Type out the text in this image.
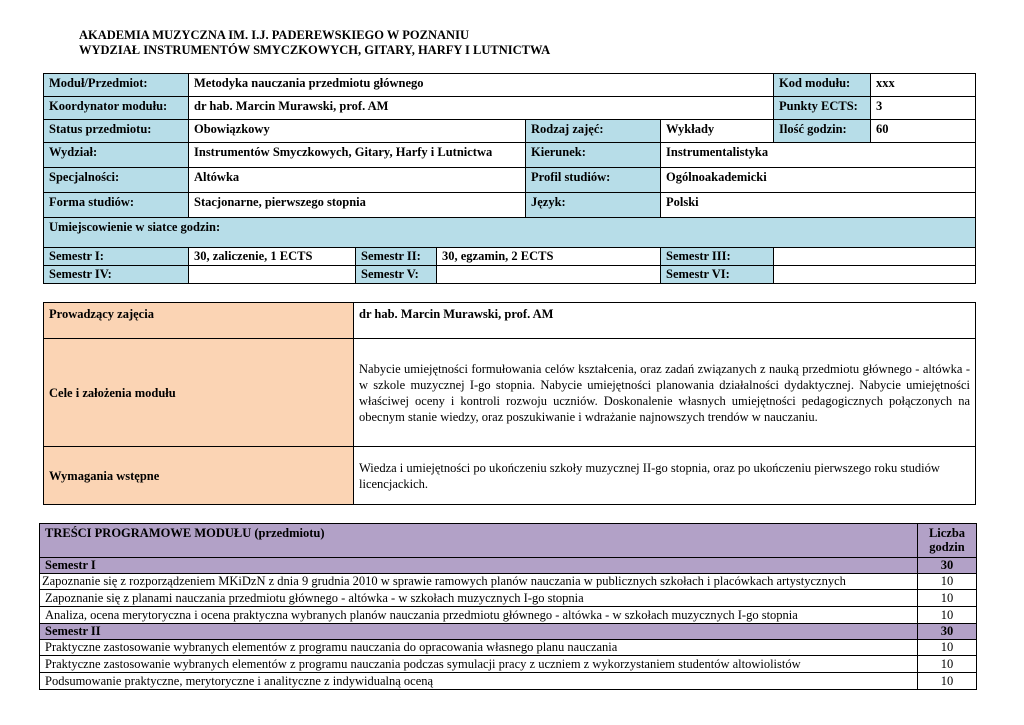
AKADEMIA MUZYCZNA IM. I.J. PADEREWSKIEGO W POZNANIU
WYDZIAŁ INSTRUMENTÓW SMYCZKOWYCH, GITARY, HARFY I LUTNICTWA
Moduł/Przedmiot:	Metodyka nauczania przedmiotu głównego					Kod modułu:	xxx
Koordynator modułu:	dr hab. Marcin Murawski, prof. AM					Punkty ECTS:	3
Status przedmiotu:	Obowiązkowy			Rodzaj zajęć:	Wykłady	Ilość godzin:	60
Wydział:	Instrumentów Smyczkowych, Gitary, Harfy i Lutnictwa			Kierunek:	Instrumentalistyka		
Specjalności:	Altówka			Profil studiów:	Ogólnoakademicki		
Forma studiów:	Stacjonarne, pierwszego stopnia			Język:	Polski		
Umiejscowienie w siatce godzin:							
Semestr I:	30, zaliczenie, 1 ECTS	Semestr II:	30, egzamin, 2 ECTS		Semestr III:		
Semestr IV:		Semestr V:			Semestr VI:		
Prowadzący zajęcia	dr hab. Marcin Murawski, prof. AM
Cele i założenia modułu	Nabycie umiejętności formułowania celów kształcenia, oraz zadań związanych z nauką przedmiotu głównego - altówka - w szkole muzycznej I-go stopnia. Nabycie umiejętności planowania działalności dydaktycznej. Nabycie umiejętności właściwej oceny i kontroli rozwoju uczniów. Doskonalenie własnych umiejętności pedagogicznych połączonych na obecnym stanie wiedzy, oraz poszukiwanie i wdrażanie najnowszych trendów w nauczaniu.
Wymagania wstępne	Wiedza i umiejętności po ukończeniu szkoły muzycznej II-go stopnia, oraz po ukończeniu pierwszego roku studiów licencjackich.
TREŚCI PROGRAMOWE MODUŁU (przedmiotu)	Liczba godzin
Semestr I	30
Zapoznanie się z rozporządzeniem MKiDzN z dnia 9 grudnia 2010 w sprawie ramowych planów nauczania w publicznych szkołach i placówkach artystycznych	10
Zapoznanie się z planami nauczania przedmiotu głównego - altówka - w szkołach muzycznych I-go stopnia	10
Analiza, ocena merytoryczna i ocena praktyczna wybranych planów nauczania przedmiotu głównego - altówka - w szkołach muzycznych I-go stopnia	10
Semestr II	30
Praktyczne zastosowanie wybranych elementów z programu nauczania do opracowania własnego planu nauczania	10
Praktyczne zastosowanie wybranych elementów z programu nauczania podczas symulacji pracy z uczniem z wykorzystaniem studentów altowiolistów	10
Podsumowanie praktyczne, merytoryczne i analityczne z indywidualną oceną	10
